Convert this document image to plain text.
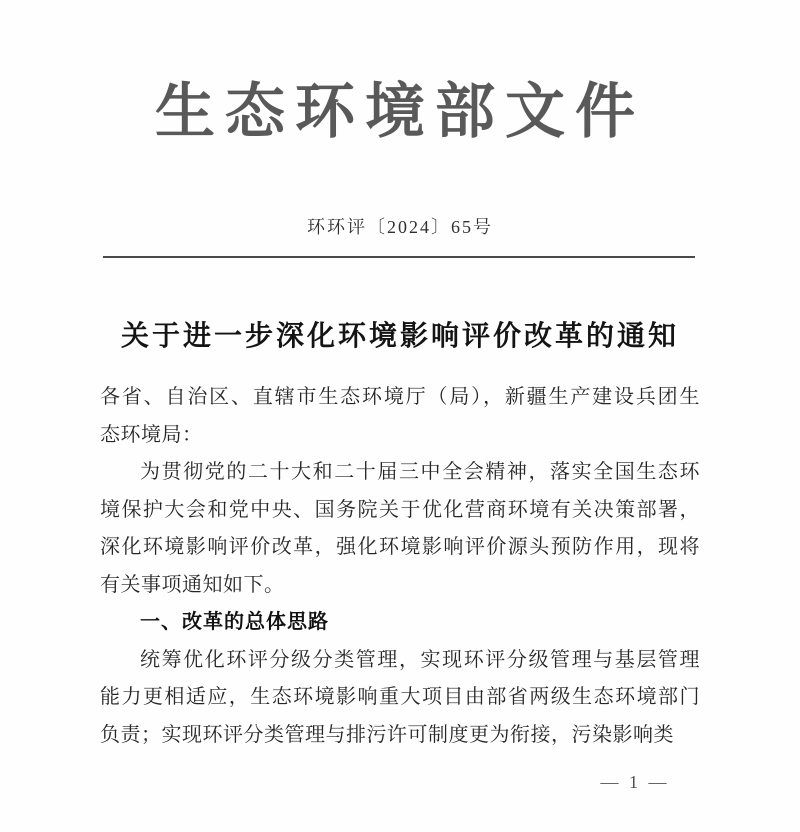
生态环境部文件
环环评〔2024〕65号
关于进一步深化环境影响评价改革的通知
各省、自治区、直辖市生态环境厅（局），新疆生产建设兵团生
态环境局：
为贯彻党的二十大和二十届三中全会精神，落实全国生态环
境保护大会和党中央、国务院关于优化营商环境有关决策部署，
深化环境影响评价改革，强化环境影响评价源头预防作用，现将
有关事项通知如下。
一、改革的总体思路
统筹优化环评分级分类管理，实现环评分级管理与基层管理
能力更相适应，生态环境影响重大项目由部省两级生态环境部门
负责；实现环评分类管理与排污许可制度更为衔接，污染影响类
— 1 —
